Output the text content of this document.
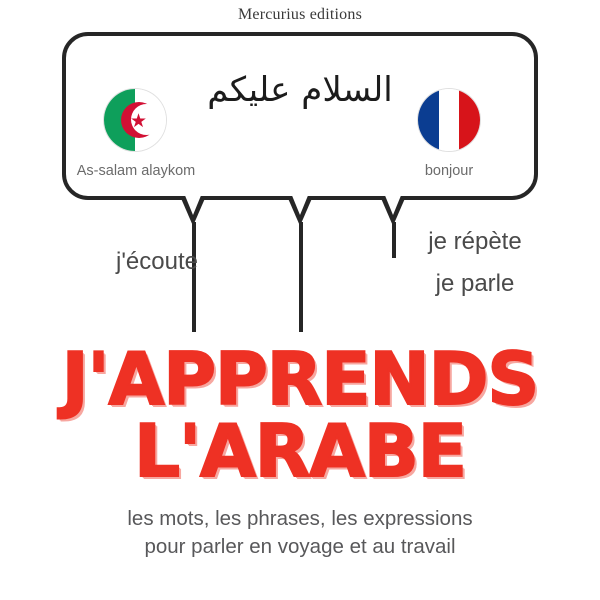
Mercurius editions
★
السلام عليكم
As-salam alaykom	bonjour
j'écoute
je répète
je parle
J'APPRENDS
L'ARABE
les mots, les phrases, les expressions
pour parler en voyage et au travail
